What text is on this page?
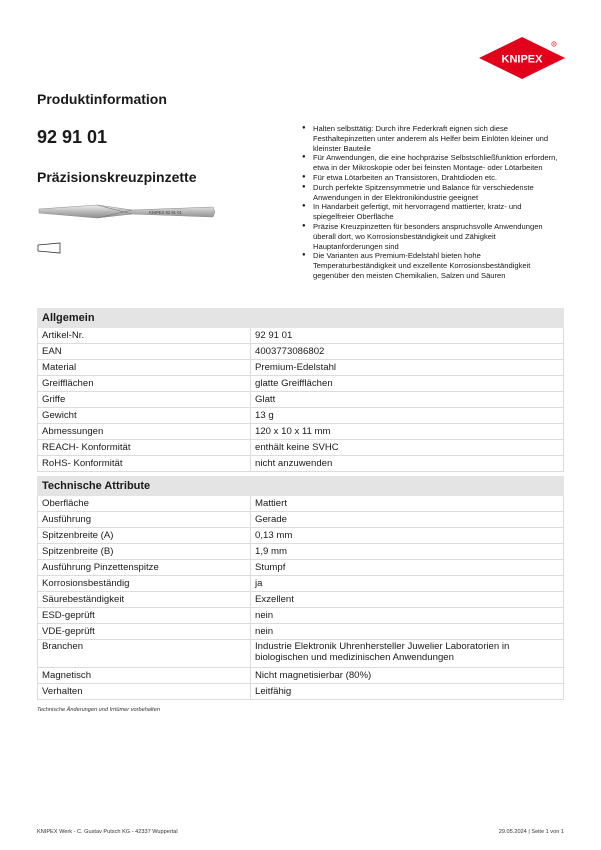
KNIPEX
R
Produktinformation
92 91 01
Präzisionskreuzpinzette
KNIPEX 92 91 01
● Halten selbsttätig: Durch ihre Federkraft eignen sich diese Festhaltepinzetten unter anderem als Helfer beim Einlöten kleiner und kleinster Bauteile
● Für Anwendungen, die eine hochpräzise Selbstschließfunktion erfordern, etwa in der Mikroskopie oder bei feinsten Montage- oder Lötarbeiten
● Für etwa Lötarbeiten an Transistoren, Drahtdioden etc.
● Durch perfekte Spitzensymmetrie und Balance für verschiedenste Anwendungen in der Elektronikindustrie geeignet
● In Handarbeit gefertigt, mit hervorragend mattierter, kratz- und spiegelfreier Oberfläche
● Präzise Kreuzpinzetten für besonders anspruchsvolle Anwendungen überall dort, wo Korrosionsbeständigkeit und Zähigkeit Hauptanforderungen sind
● Die Varianten aus Premium-Edelstahl bieten hohe Temperaturbeständigkeit und exzellente Korrosionsbeständigkeit gegenüber den meisten Chemikalien, Salzen und Säuren
Allgemein	
Artikel-Nr.	92 91 01
EAN	4003773086802
Material	Premium-Edelstahl
Greifflächen	glatte Greifflächen
Griffe	Glatt
Gewicht	13 g
Abmessungen	120 x 10 x 11 mm
REACH- Konformität	enthält keine SVHC
RoHS- Konformität	nicht anzuwenden
Technische Attribute	
Oberfläche	Mattiert
Ausführung	Gerade
Spitzenbreite (A)	0,13 mm
Spitzenbreite (B)	1,9 mm
Ausführung Pinzettenspitze	Stumpf
Korrosionsbeständig	ja
Säurebeständigkeit	Exzellent
ESD-geprüft	nein
VDE-geprüft	nein
Branchen	Industrie Elektronik Uhrenhersteller Juwelier Laboratorien in biologischen und medizinischen Anwendungen
Magnetisch	Nicht magnetisierbar (80%)
Verhalten	Leitfähig
Technische Änderungen und Irrtümer vorbehalten
KNIPEX Werk - C. Gustav Putsch KG - 42337 Wuppertal	29.05.2024 | Seite 1 von 1
